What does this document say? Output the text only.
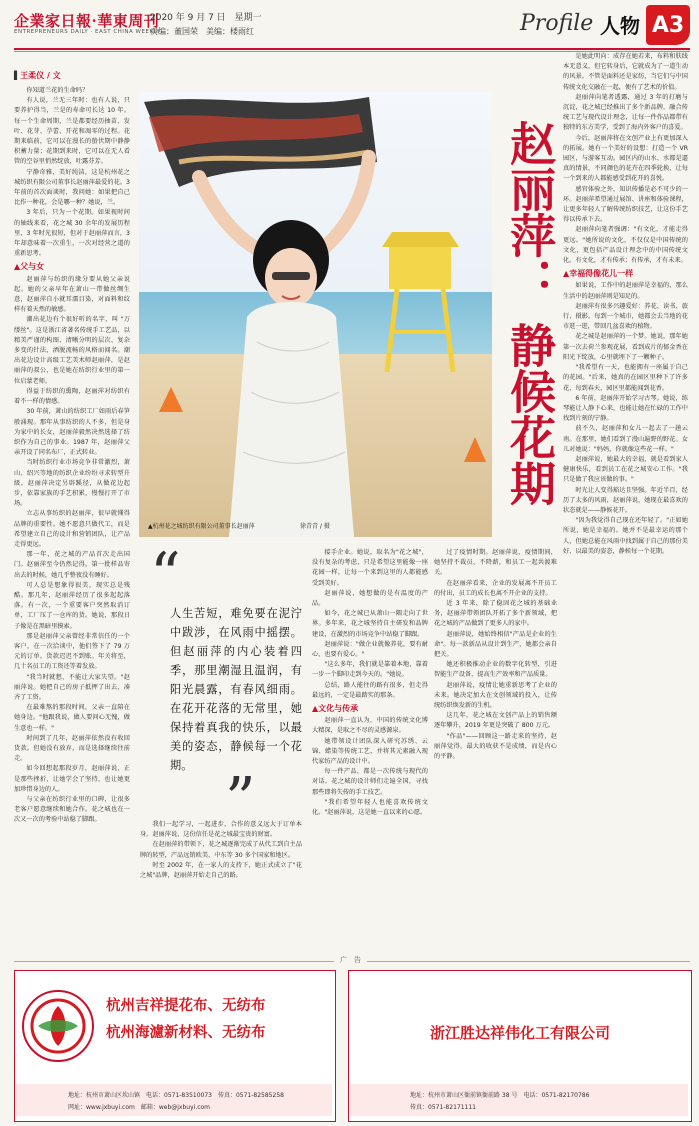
企業家日報·華東周刊
ENTREPRENEURS DAILY · EAST CHINA WEEKLY
2020 年 9 月 7 日　星期一
责编：董国荣　美编：楼雨红	Profile 人物 A3
▌王柔仪 / 文

你知道兰花的生命吗？

有人说，兰无三年时：也有人说，只要养护得当，兰是的寿命可长达 10 年。每一个生命周期，兰是都要经历抽苗、发叶、花芽、孕蕾、开花和凋零的过程。花期来临前，它可以在漫长的蛰伏期中静静积蓄力量；花期到来时，它可以在无人看管的空谷里悄然绽放，吐露芬芳。

宁静奇雅，美好纯洁，这是杭州花之城纺织有限公司董事长赵丽萍最爱的花。3 年前的首次面谈时，我问她：如果把自己比作一种花，会是哪一种？她说，兰。

3 年后，只为一个花期。如果视时间的轴线来看，花之城 30 余年的发展历程里，3 年时光很短，但对于赵丽萍而言，3 年却意味着一次重生，一次对经营之道的重新思考。

▲父与女

赵丽萍与纺织的缘分要从她父亲说起。她的父亲早年在萧山一带做丝绸生意，赵丽萍自小就耳濡目染，对面料和纹样有着天然的敏感。

潮出花边有个很好听的名字，叫 "万缕丝"。这是浙江省著名传统手工艺品，以精美严谨的构图、清晰分明的层次、复杂多变的针法，洒脱流畅的风格而闻名。潮出花边设计高级工艺美术师赵丽萍，是赵丽萍的叔公，也是她在纺织行业里的第一位启蒙老师。

得益于纺织的熏陶，赵丽萍对纺织有着不一样的情感。

30 年前，萧山的纺织工厂如雨后春笋般涌现。那年从事纺织的人不多，但是身为家中的长女，赵丽萍毅然决然选择了纺织作为自己的事业。1987 年，赵丽萍父亲开设了同名布厂，正式转业。

当时纺织行业市场竞争非常激烈，萧山、绍兴等地的纺织企业纷纷寻求转型升级。赵丽萍决定另辟蹊径，从做花边起步，依靠家族的手艺积累，慢慢打开了市场。

立志从事纺织的赵丽萍，很早就懂得品牌的重要性。她不愿意只做代工，而是希望建立自己的设计和营销团队，让产品走得更远。

那一年，花之城的产品首次走出国门。赵丽萍至今仍然记得，第一批样品寄出去的时候，她几乎整夜没有睡好。

可人总是想象得很美，现实总是残酷。那几年，赵丽萍经历了很多起起落落。有一次，一个重要客户突然取消订单，工厂压了一仓库的货。她说，那段日子像是在黑暗里摸索。

那是赵丽萍父亲曾经非常信任的一个客户，在一次洽谈中，他们签下了 79 万元的订单。货款迟迟不到账。年关将至，几十名员工的工资还等着发放。

"我当时就想，不能让大家失望。"赵丽萍说。她把自己的房子抵押了出去，凑齐了工资。

在最难熬的那段时间，父亲一直陪在她身边。"他跟我说，做人要问心无愧，做生意也一样。"

时间到了几年，赵丽萍依然没有收回货款。但她没有放弃，而是选择继续往前走。

如今回想起那段岁月，赵丽萍说，正是那些挫折，让她学会了坚持，也让她更加珍惜身边的人。

与父亲在纺织行业里的口碑，让很多老客户愿意继续和她合作。花之城也在一次又一次的考验中站稳了脚跟。

▲杭州花之城纺织有限公司董事长赵丽萍	徐青青 / 摄
赵丽萍：
静候花期
“
人生苦短，难免要在泥泞中跋涉，在风雨中摇摆。但赵丽萍的内心装着四季，那里潮湿且温润，有阳光晨露，有春风细雨。在花开花落的无常里，她保持着真我的快乐，以最美的姿态，静候每一个花期。 ”

我们一起学习，一起进步，合作的意义远大于订单本身。赵丽萍说，这份信任是花之城最宝贵的财富。

在赵丽萍的带领下，花之城逐渐完成了从代工到自主品牌的转型，产品远销欧美、中东等 30 多个国家和地区。

时至 2002 年，在一家人的支持下，她正式成立了"花之城"品牌，赵丽萍开始走自己的路。

接手企业。她说，取名为"花之城"，没有复杂的考虑，只是希望这里能像一座花园一样，让每一个来到这里的人都能感受到美好。

赵丽萍说，她想做的是有温度的产品。

如今，花之城已从萧山一隅走向了世界。多年来，花之城坚持自主研发和品牌建设，在激烈的市场竞争中站稳了脚跟。

赵丽萍说："做企业就像养花，要有耐心，也要有爱心。"

"这么多年，我们就是靠着本地，靠着一步一个脚印走到今天的。"她说。

总结，路人能往的路有很多，但走得最远的，一定是最踏实的那条。

▲文化与传承

赵丽萍一直认为，中国的传统文化博大精深，是取之不尽的灵感源泉。

她带领设计团队深入研究苏绣、云锦、蜡染等传统工艺，并将其元素融入现代家纺产品的设计中。

每一件产品，都是一次传统与现代的对话。花之城的设计师们走遍全国，寻找那些即将失传的手工技艺。

"我们希望年轻人也能喜欢传统文化。"赵丽萍说，这是她一直以来的心愿。

过了疫情时期。赵丽萍说，疫情期间，她坚持不裁员、不降薪，和员工一起共渡难关。

在赵丽萍看来，企业的发展离不开员工的付出，员工的成长也离不开企业的支持。

近 3 年来，除了稳固花之城的基础业务，赵丽萍带领团队开拓了多个新领域，把花之城的产品做到了更多人的家中。

赵丽萍说，她始终相信"产品是企业的生命"。每一款新品从设计到生产，她都会亲自把关。

她还积极推动企业的数字化转型，引进智能生产设备，提高生产效率和产品质量。

赵丽萍说，疫情让她重新思考了企业的未来。她决定加大在文创领域的投入，让传统纺织焕发新的生机。

这几年，花之城在文创产品上的销售额逐年攀升，2019 年更是突破了 800 万元。

"作品"——回顾这一路走来的坚持，赵丽萍觉得，最大的收获不是成绩，而是内心的平静。

是她此明向：成存在她若来，布料和肤线本无意义，但它转身后，它就成为了一道生动的风景。不管是面料还是家纺，当它们与中国传统文化交融在一起，便有了艺术的价值。

赵丽萍向笔者透露，通过 3 年的打磨与沉淀，花之城已经推出了多个新品牌，融合传统工艺与现代设计理念，让每一件作品都带有独特的东方美学，受到了海内外客户的喜爱。

今后，赵丽萍将在文创产业上有更加深入的拓展。她有一个美好的设想：打造一个 VR 园区，与游客互动。园区内的山水、水都是逼真的情景，不同颜色的花卉在四季轮换，让每一个到来的人都能感受到花开的喜悦。

感官体验之外，知识传播是必不可少的一环。赵丽萍希望通过展馆、讲座和体验课程，让更多年轻人了解传统纺织技艺，让这份手艺得以传承下去。

赵丽萍向笔者强调："有文化，才能走得更远。"她所说的文化，不仅仅是中国传统的文化，更包括产品设计理念中的中国传统文化。有文化，才有传承；有传承，才有未来。

▲幸福得像花儿一样

如果说，工作中的赵丽萍是幸福的，那么生活中的赵丽萍则是知足的。

赵丽萍有很多兴趣爱好：养花、读书、旅行、摄影。每到一个城市，她都会去当地的花市逛一逛，带回几盆喜欢的植物。

花之城是赵丽萍的一个梦。她说，那年她第一次去荷兰参观花展，看到成片的郁金香在阳光下绽放，心里就埋下了一颗种子。

"我希望有一天，也能拥有一座属于自己的花园。"后来，她真的在园区里种下了许多花，每到春天，园区里都能闻到花香。

6 年前，赵丽萍开始学习古琴。她说，练琴能让人静下心来，也能让她在忙碌的工作中找到片刻的宁静。

前不久，赵丽萍和女儿一起去了一趟云南。在那里，她们看到了漫山遍野的野花。女儿对她说："妈妈，你就像这些花一样。"

赵丽萍说，她最大的幸福，就是看到家人健康快乐，看到员工在花之城安心工作。"我只是做了我应该做的事。"

时光让人变得豁达且坚强。年近半百，经历了太多的风雨，赵丽萍说，她现在最喜欢的状态就是——静候花开。

"因为我觉得自己现在还年轻了。"正如她所说，她是幸福的。她并不是最幸运的那个人，但她总能在风雨中找到属于自己的那份美好，以最美的姿态，静候每一个花期。

广　告
杭州吉祥提花布、无纺布
杭州海濾新材料、无纺布
地址：杭州市萧山区坎山镇　电话：0571-83510073　传真：0571-82585258
网址：www.jxbuyi.com　邮箱：web@jxbuyi.com
浙江胜达祥伟化工有限公司
地址：杭州市萧山区衙前镇衙前路 38 号　电话：0571-82170786
传真：0571-82171111
